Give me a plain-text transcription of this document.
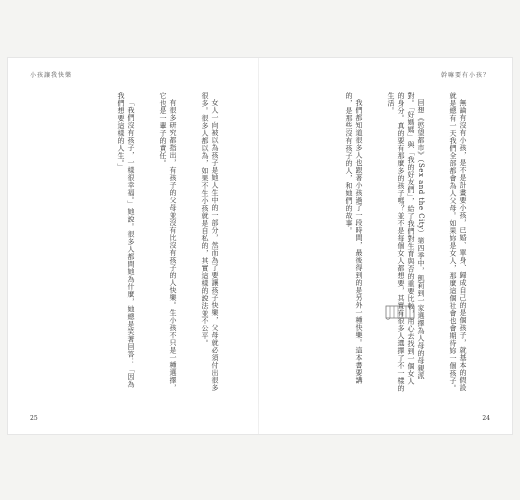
小孩讓我快樂	幹嘛要有小孩？

無論有沒有小孩，是不是計畫要小孩，已婚、單身、歸成自己的是個孩子，就基本的假設就是總有一天我們全部都會為人父母。如果妳是女人，那麼這個社會也會期待妳一個孩子。

回想《慾望都市》（Sex and the City）第四季中，凱莉到一家選擇為人母的母親派對。「好媽媽」與「我的好友們」，給了我們對生育與否的重要比較，用心去找到一個女人的身分。真的要有那麼多的孩子嗎？並不是每個女人都想要，其實有很多人選擇了不一樣的生活。

我們都知道很多人也跟著小孩過了一段時間，最後得到的是另外一種快樂。這本書要講的，是那些沒有孩子的人，和她們的故事。

女人一向被以為孩子是她人生中的一部分，然而為了要讓孩子快樂，父母就必須付出很多很多。很多人都以為，如果不生小孩就是自私的，其實這樣的說法並不公平。

有很多研究都指出，有孩子的父母並沒有比沒有孩子的人快樂。生小孩不只是一種選擇，它也是一輩子的責任。

「我們沒有孩子，一樣很幸福。」她說。很多人都問她為什麼，她總是笑著回答：「因為我們想要這樣的人生。」

25	24
